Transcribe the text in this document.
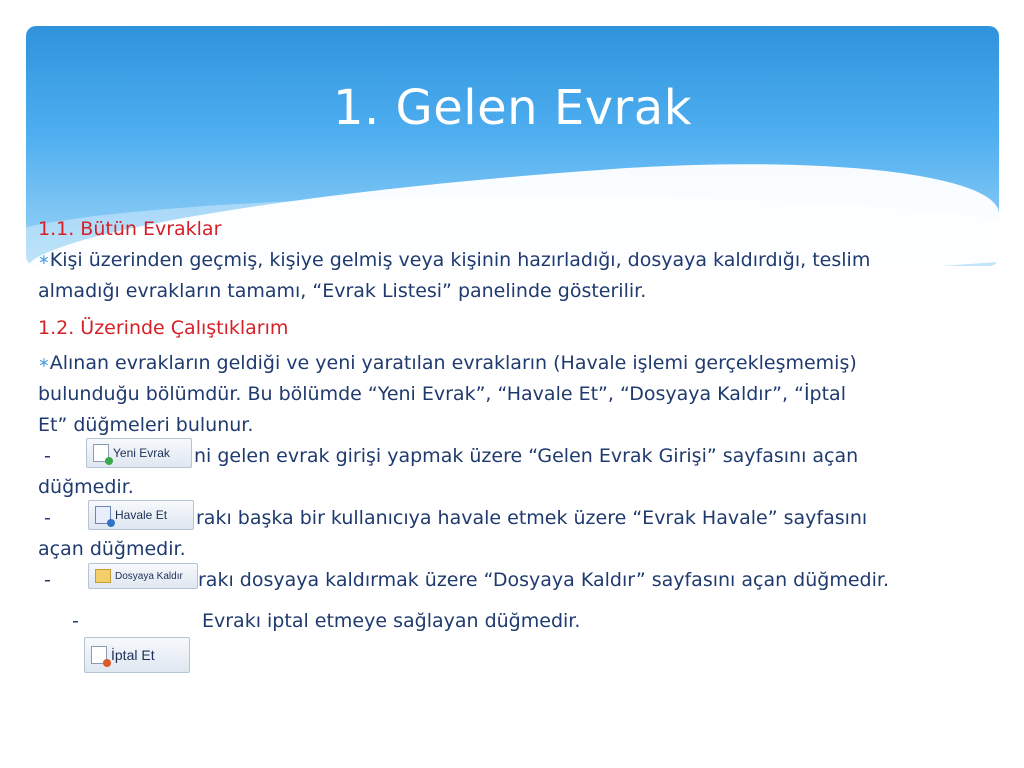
1. Gelen Evrak

1.1. Bütün Evraklar

∗Kişi üzerinden geçmiş, kişiye gelmiş veya kişinin hazırladığı, dosyaya kaldırdığı, teslim
almadığı evrakların tamamı, “Evrak Listesi” panelinde gösterilir.

1.2. Üzerinde Çalıştıklarım

∗Alınan evrakların geldiği ve yeni yaratılan evrakların (Havale işlemi gerçekleşmemiş)
bulunduğu bölümdür. Bu bölümde “Yeni Evrak”, “Havale Et”, “Dosyaya Kaldır”, “İptal
Et” düğmeleri bulunur.
-	Yeni Evrak ni gelen evrak girişi yapmak üzere “Gelen Evrak Girişi” sayfasını açan
düğmedir.
-	Havale Et rakı başka bir kullanıcıya havale etmek üzere “Evrak Havale” sayfasını
açan düğmedir.
-	Dosyaya Kaldır rakı dosyaya kaldırmak üzere “Dosyaya Kaldır” sayfasını açan düğmedir.
-	Evrakı iptal etmeye sağlayan düğmedir.
İptal Et
